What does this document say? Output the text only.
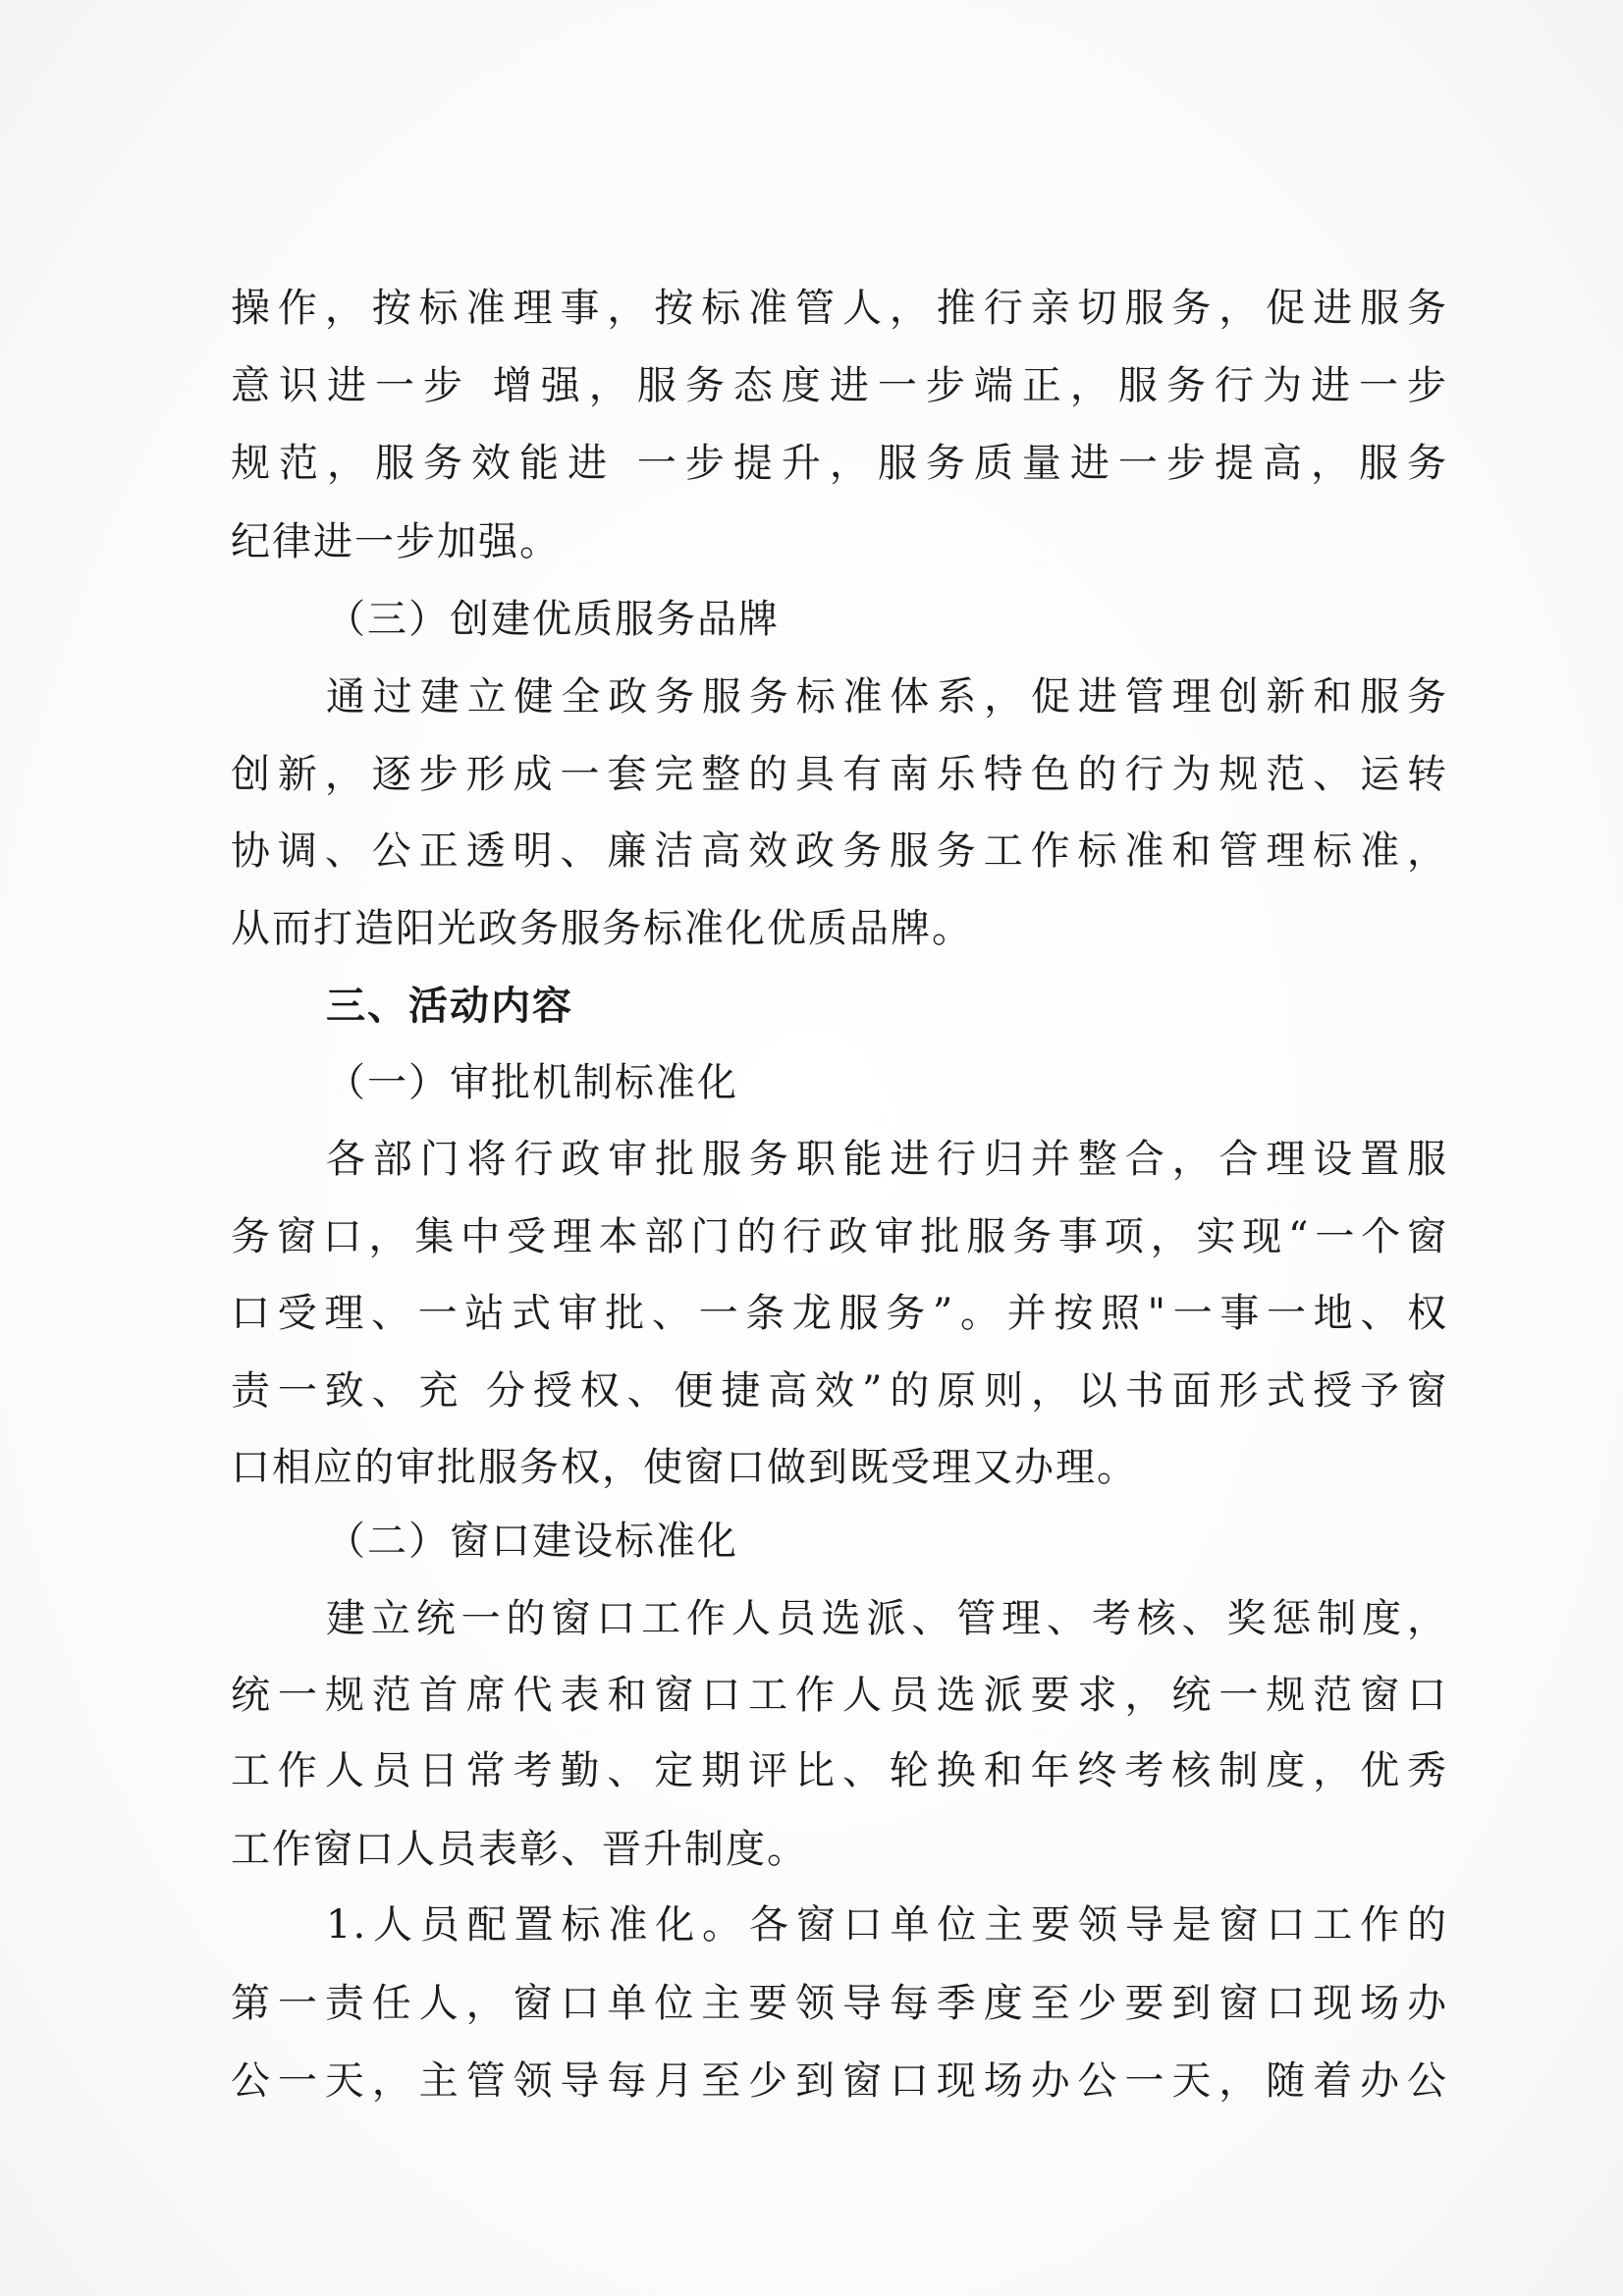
操作，按标准理事，按标准管人，推行亲切服务，促进服务
意识进一步 增强，服务态度进一步端正，服务行为进一步
规范，服务效能进 一步提升，服务质量进一步提高，服务
纪律进一步加强。
（三）创建优质服务品牌
通过建立健全政务服务标准体系，促进管理创新和服务
创新，逐步形成一套完整的具有南乐特色的行为规范、运转
协调、公正透明、廉洁高效政务服务工作标准和管理标准，
从而打造阳光政务服务标准化优质品牌。
三、活动内容
（一）审批机制标准化
各部门将行政审批服务职能进行归并整合，合理设置服
务窗口，集中受理本部门的行政审批服务事项，实现“一个窗
口受理、一站式审批、一条龙服务”。并按照"一事一地、权
责一致、充 分授权、便捷高效”的原则，以书面形式授予窗
口相应的审批服务权，使窗口做到既受理又办理。
（二）窗口建设标准化
建立统一的窗口工作人员选派、管理、考核、奖惩制度，
统一规范首席代表和窗口工作人员选派要求，统一规范窗口
工作人员日常考勤、定期评比、轮换和年终考核制度，优秀
工作窗口人员表彰、晋升制度。
1.人员配置标准化。各窗口单位主要领导是窗口工作的
第一责任人，窗口单位主要领导每季度至少要到窗口现场办
公一天，主管领导每月至少到窗口现场办公一天，随着办公
